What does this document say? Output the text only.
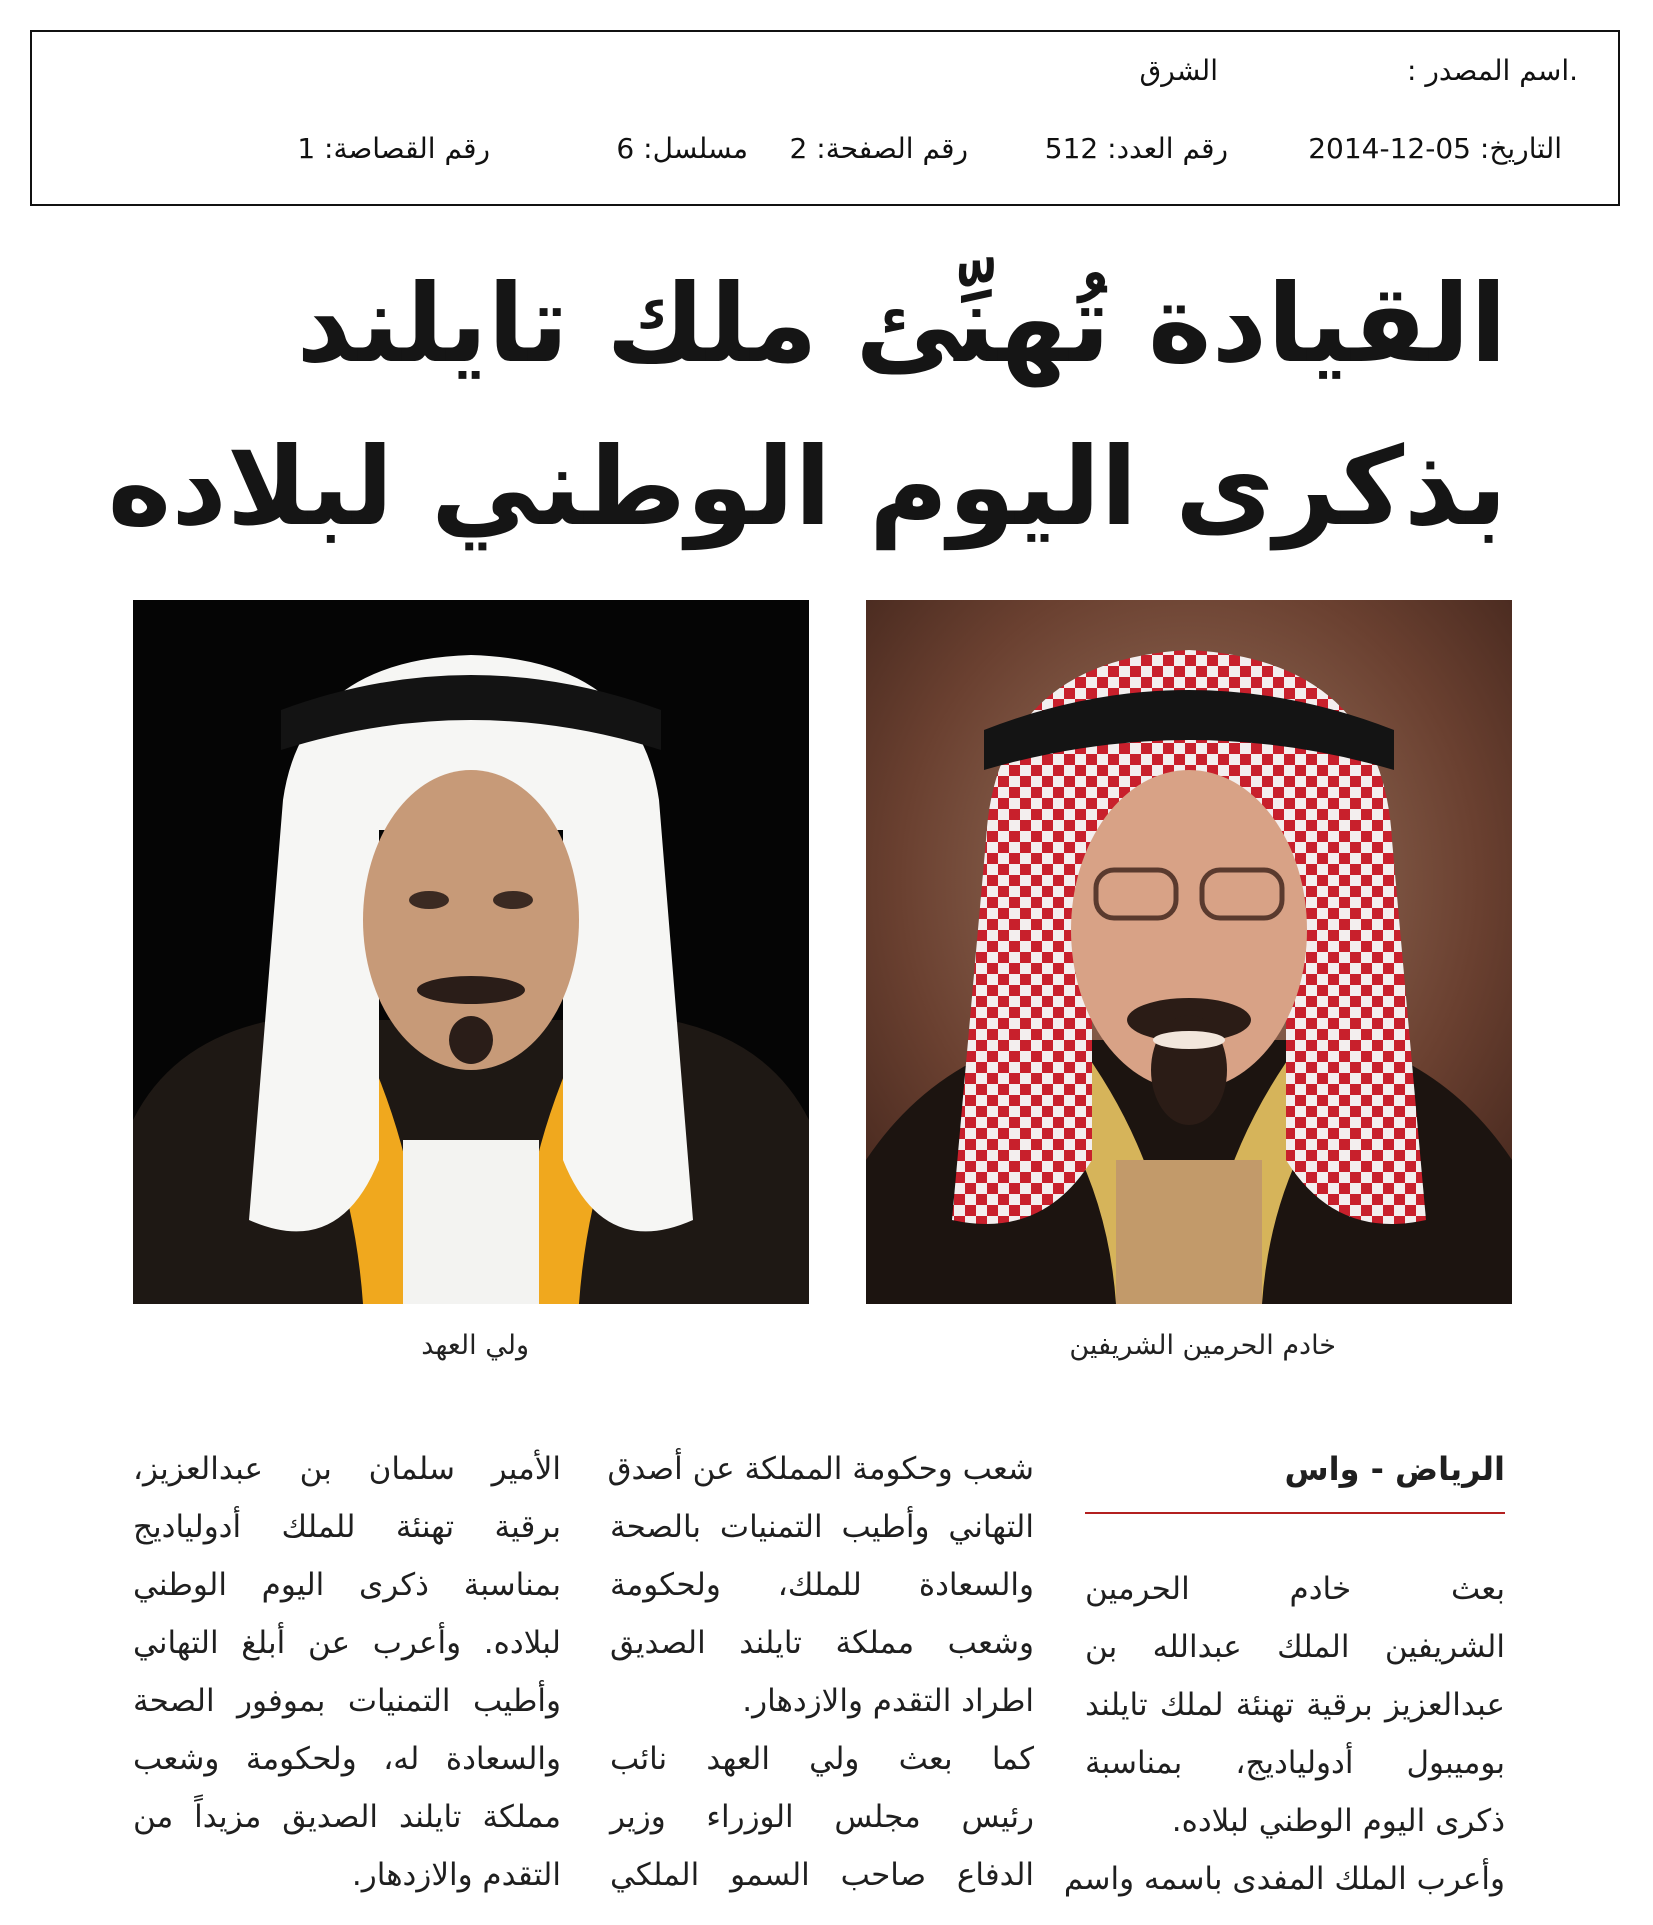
.اسم المصدر :
الشرق
التاريخ: 05-12-2014
رقم العدد: 512
رقم الصفحة: 2
مسلسل: 6
رقم القصاصة: 1
القيادة تُهنِّئ ملك تايلند
بذكرى اليوم الوطني لبلاده
خادم الحرمين الشريفين
ولي العهد
الرياض - واس

بعث خادم الحرمين

الشريفين الملك عبدالله بن

عبدالعزيز برقية تهنئة لملك تايلند

بوميبول أدولياديج، بمناسبة

ذكرى اليوم الوطني لبلاده.

وأعرب الملك المفدى باسمه واسم

شعب وحكومة المملكة عن أصدق

التهاني وأطيب التمنيات بالصحة

والسعادة للملك، ولحكومة

وشعب مملكة تايلند الصديق

اطراد التقدم والازدهار.

كما بعث ولي العهد نائب

رئيس مجلس الوزراء وزير

الدفاع صاحب السمو الملكي

الأمير سلمان بن عبدالعزيز،

برقية تهنئة للملك أدولياديج

بمناسبة ذكرى اليوم الوطني

لبلاده. وأعرب عن أبلغ التهاني

وأطيب التمنيات بموفور الصحة

والسعادة له، ولحكومة وشعب

مملكة تايلند الصديق مزيداً من

التقدم والازدهار.
